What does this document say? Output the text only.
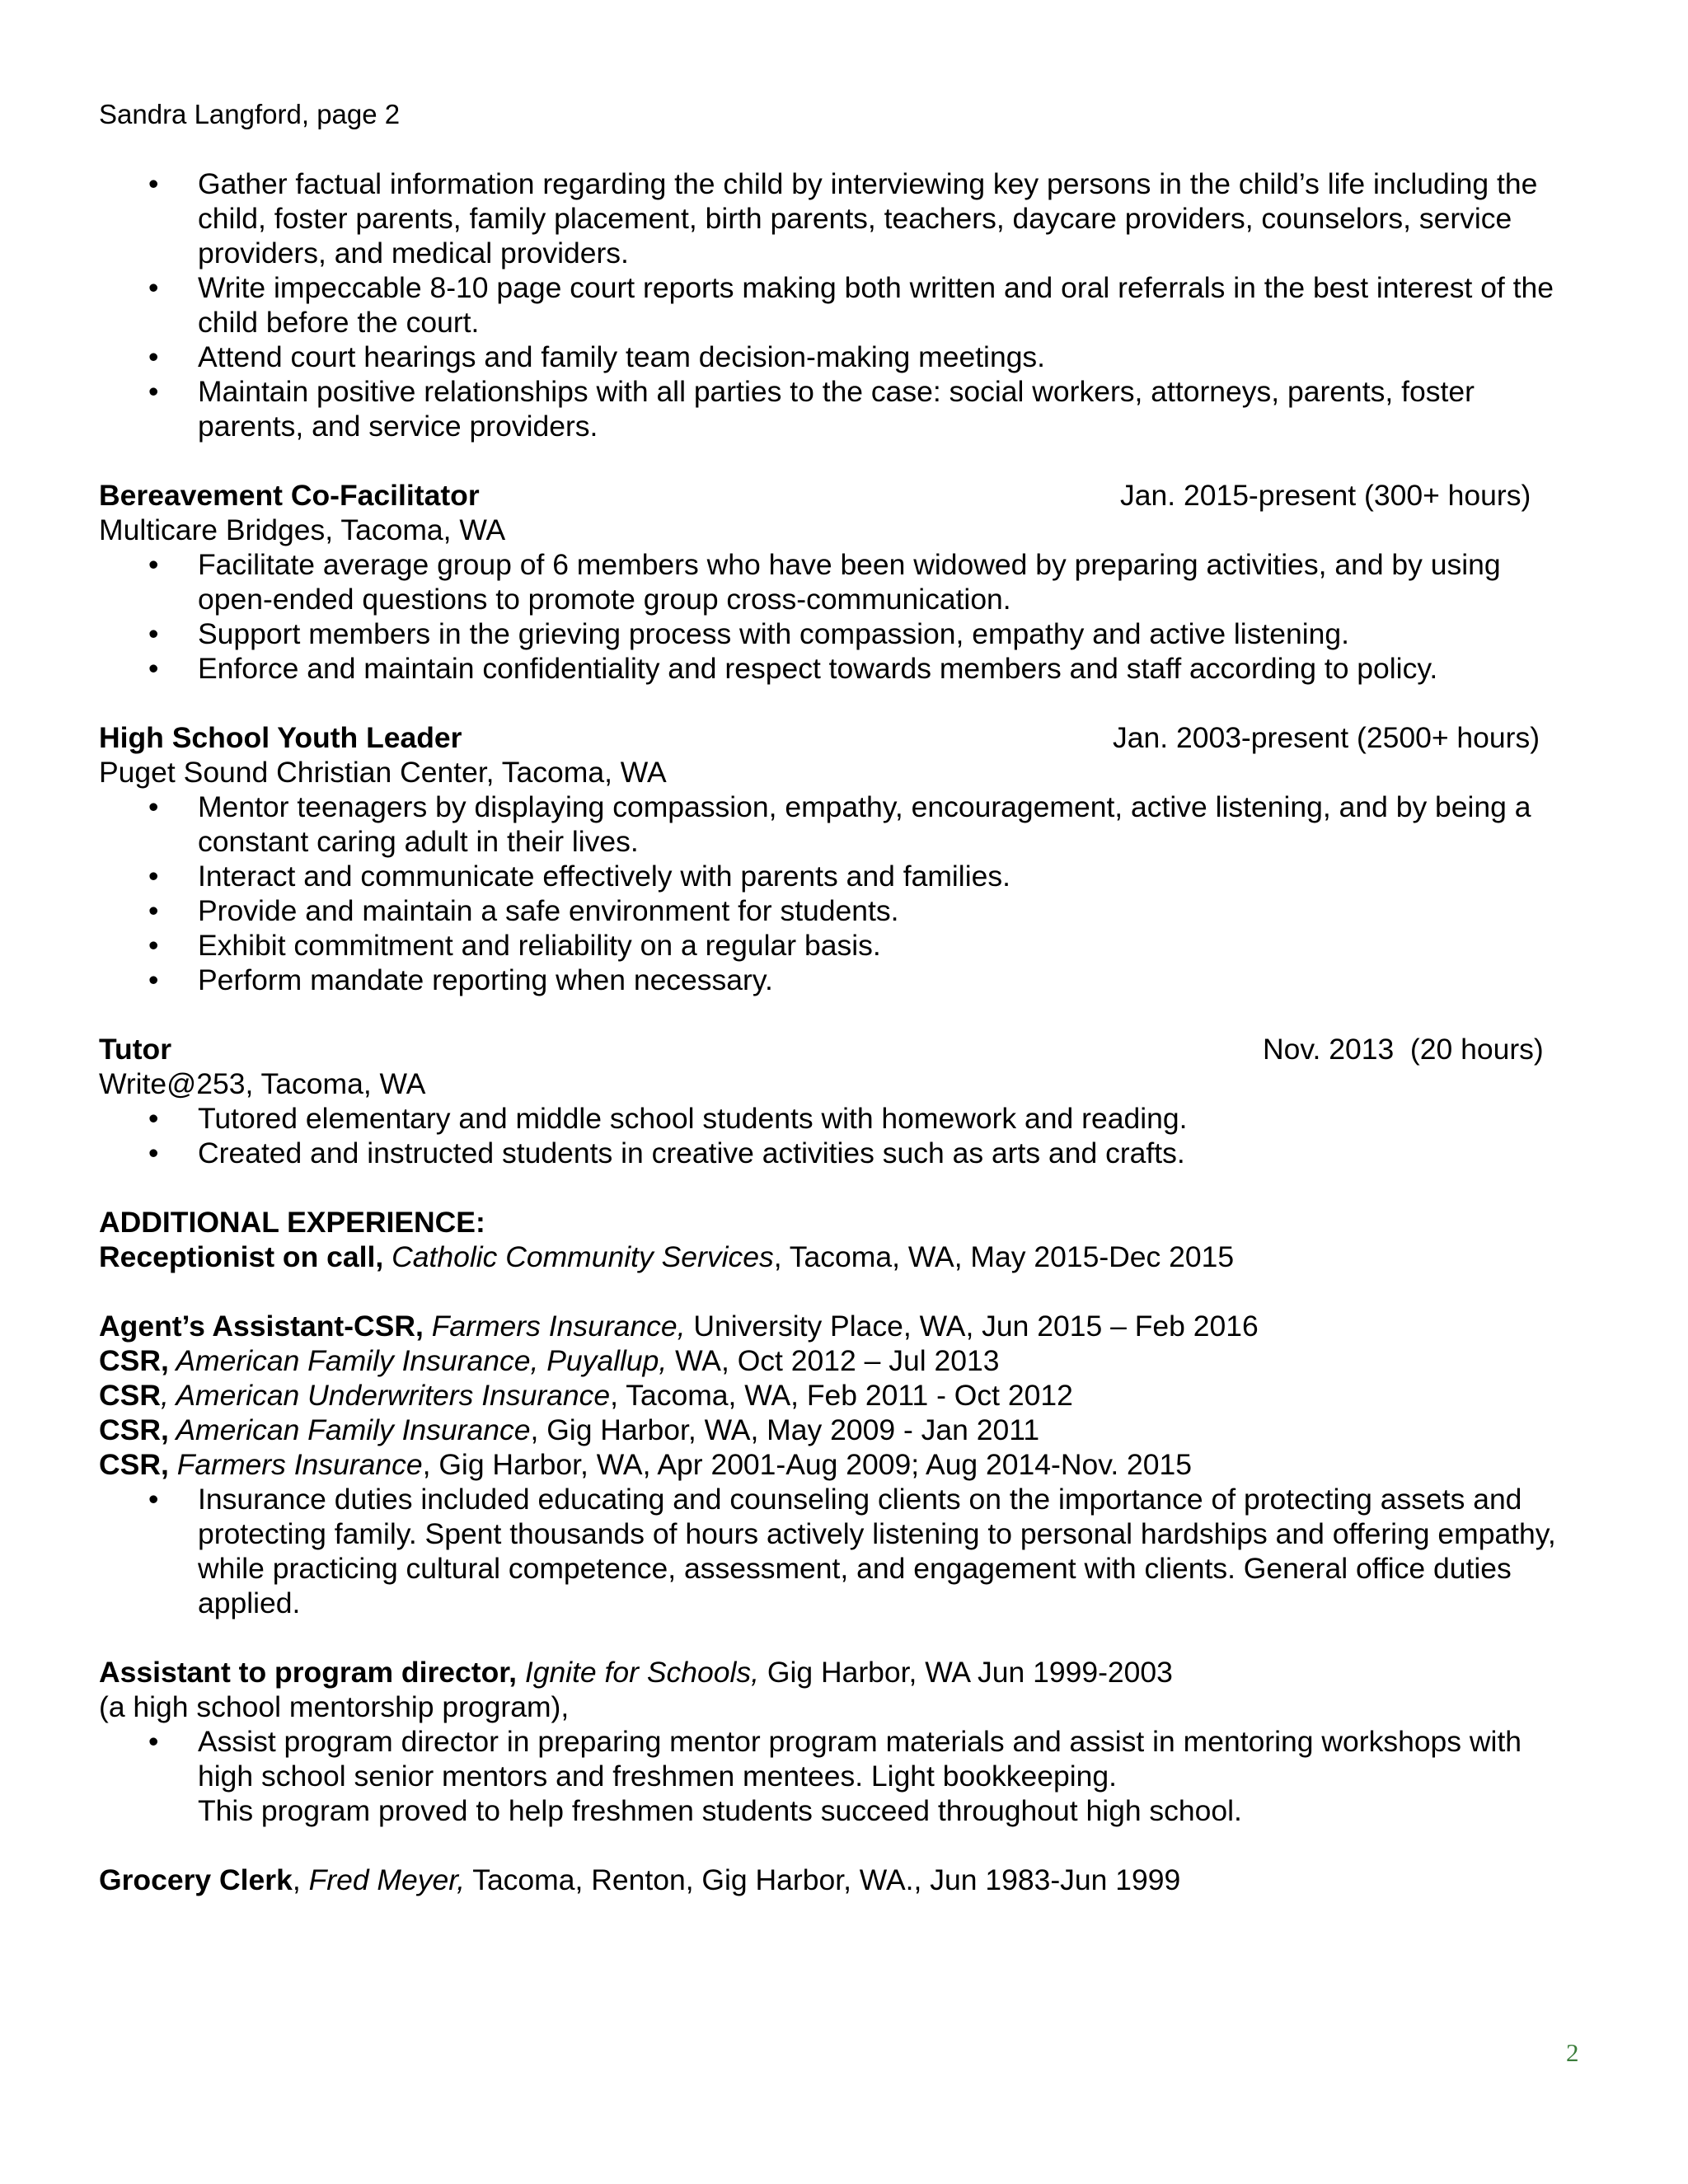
Sandra Langford, page 2
• Gather factual information regarding the child by interviewing key persons in the child’s life including the child, foster parents, family placement, birth parents, teachers, daycare providers, counselors, service providers, and medical providers.
• Write impeccable 8-10 page court reports making both written and oral referrals in the best interest of the child before the court.
• Attend court hearings and family team decision-making meetings.
• Maintain positive relationships with all parties to the case: social workers, attorneys, parents, foster parents, and service providers.
Bereavement Co-Facilitator	Jan. 2015-present (300+ hours)
Multicare Bridges, Tacoma, WA
• Facilitate average group of 6 members who have been widowed by preparing activities, and by using open-ended questions to promote group cross-communication.
• Support members in the grieving process with compassion, empathy and active listening.
• Enforce and maintain confidentiality and respect towards members and staff according to policy.
High School Youth Leader	Jan. 2003-present (2500+ hours)
Puget Sound Christian Center, Tacoma, WA
• Mentor teenagers by displaying compassion, empathy, encouragement, active listening, and by being a constant caring adult in their lives.
• Interact and communicate effectively with parents and families.
• Provide and maintain a safe environment for students.
• Exhibit commitment and reliability on a regular basis.
• Perform mandate reporting when necessary.
Tutor	Nov. 2013  (20 hours)
Write@253, Tacoma, WA
• Tutored elementary and middle school students with homework and reading.
• Created and instructed students in creative activities such as arts and crafts.
ADDITIONAL EXPERIENCE:
Receptionist on call, Catholic Community Services, Tacoma, WA, May 2015-Dec 2015
Agent’s Assistant-CSR, Farmers Insurance, University Place, WA, Jun 2015 – Feb 2016
CSR, American Family Insurance, Puyallup, WA, Oct 2012 – Jul 2013
CSR, American Underwriters Insurance, Tacoma, WA, Feb 2011 - Oct 2012
CSR, American Family Insurance, Gig Harbor, WA, May 2009 - Jan 2011
CSR, Farmers Insurance, Gig Harbor, WA, Apr 2001-Aug 2009; Aug 2014-Nov. 2015
• Insurance duties included educating and counseling clients on the importance of protecting assets and protecting family. Spent thousands of hours actively listening to personal hardships and offering empathy, while practicing cultural competence, assessment, and engagement with clients. General office duties applied.
Assistant to program director, Ignite for Schools, Gig Harbor, WA Jun 1999-2003
(a high school mentorship program),
• Assist program director in preparing mentor program materials and assist in mentoring workshops with high school senior mentors and freshmen mentees. Light bookkeeping.
This program proved to help freshmen students succeed throughout high school.
Grocery Clerk, Fred Meyer, Tacoma, Renton, Gig Harbor, WA., Jun 1983-Jun 1999
2
